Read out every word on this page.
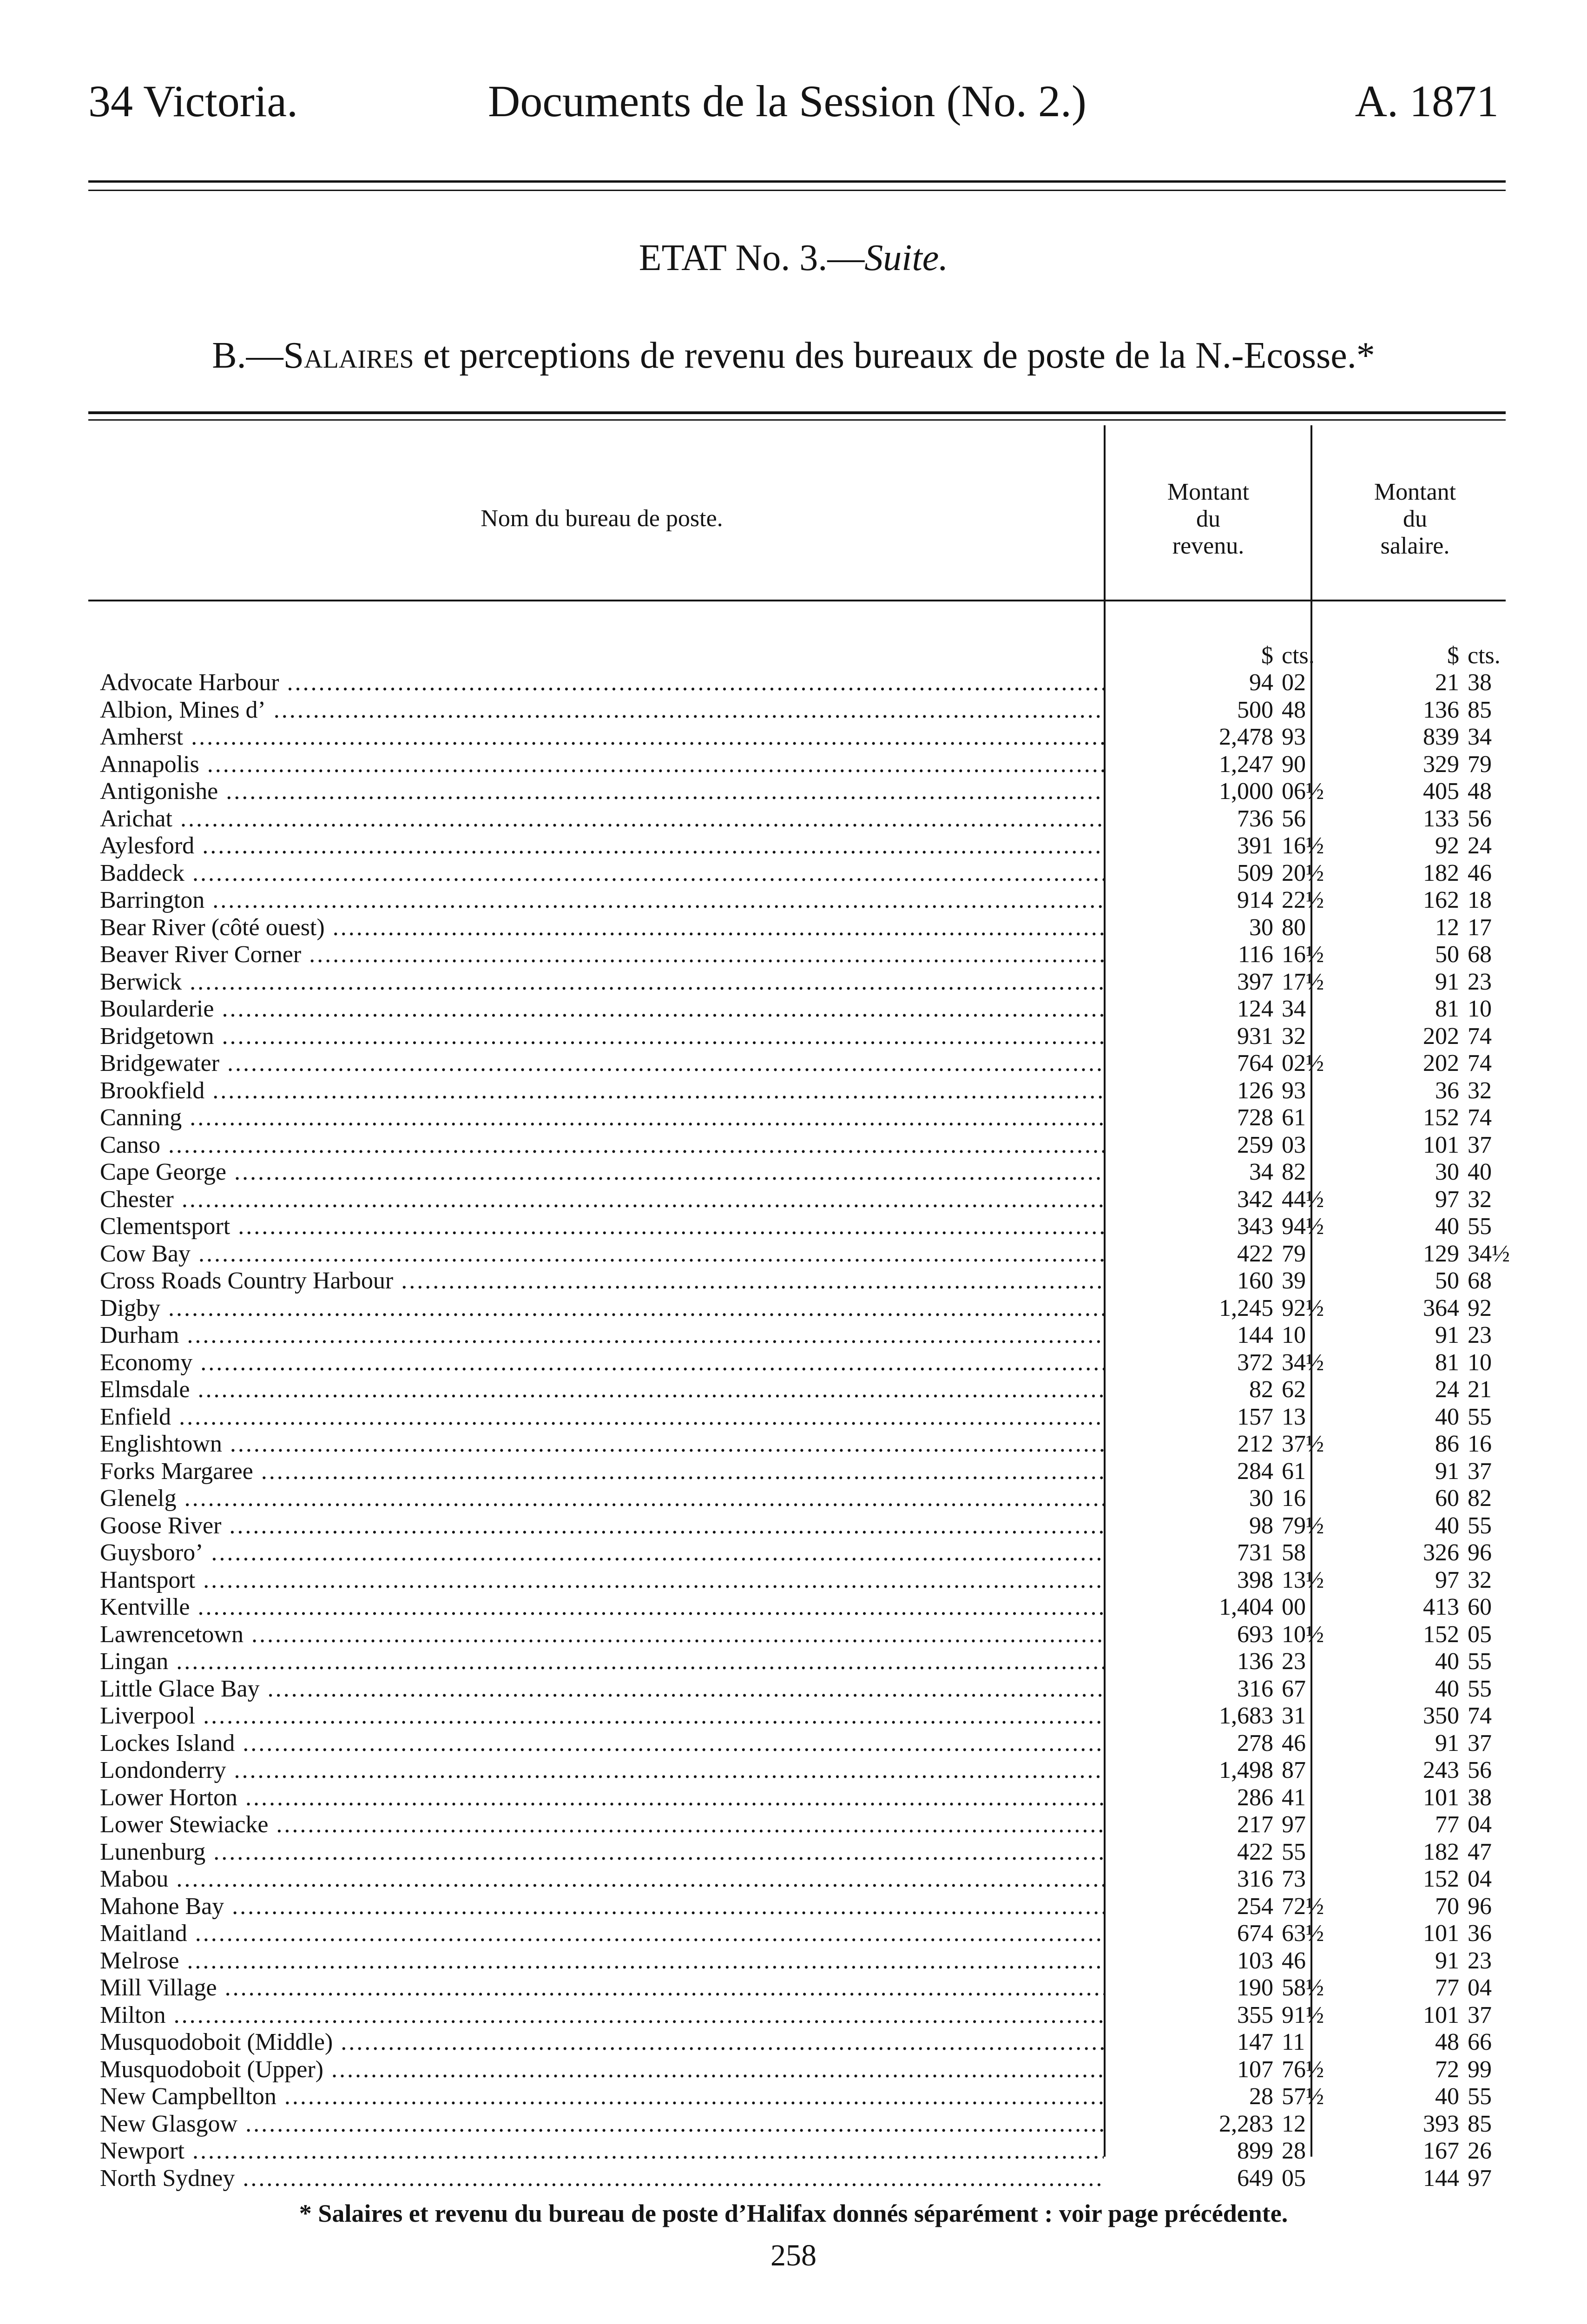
34 Victoria.	Documents de la Session (No. 2.)	A. 1871
ETAT No. 3.—Suite.
B.—Salaires et perceptions de revenu des bureaux de poste de la N.-Ecosse.*
Nom du bureau de poste.
Montant
du
revenu.
Montant
du
salaire.
$ cts.	$ cts.
Advocate Harbour .....	94 02	21 38
Albion, Mines d’ .....	500 48	136 85
Amherst .....	2,478 93	839 34
Annapolis .....	1,247 90	329 79
Antigonishe .....	1,000 06½	405 48
Arichat .....	736 56	133 56
Aylesford .....	391 16½	92 24
Baddeck .....	509 20½	182 46
Barrington .....	914 22½	162 18
Bear River (côté ouest) .....	30 80	12 17
Beaver River Corner .....	116 16½	50 68
Berwick .....	397 17½	91 23
Boularderie .....	124 34	81 10
Bridgetown .....	931 32	202 74
Bridgewater .....	764 02½	202 74
Brookfield .....	126 93	36 32
Canning .....	728 61	152 74
Canso .....	259 03	101 37
Cape George .....	34 82	30 40
Chester .....	342 44½	97 32
Clementsport .....	343 94½	40 55
Cow Bay .....	422 79	129 34½
Cross Roads Country Harbour .....	160 39	50 68
Digby .....	1,245 92½	364 92
Durham .....	144 10	91 23
Economy .....	372 34½	81 10
Elmsdale .....	82 62	24 21
Enfield .....	157 13	40 55
Englishtown .....	212 37½	86 16
Forks Margaree .....	284 61	91 37
Glenelg .....	30 16	60 82
Goose River .....	98 79½	40 55
Guysboro’ .....	731 58	326 96
Hantsport .....	398 13½	97 32
Kentville .....	1,404 00	413 60
Lawrencetown .....	693 10½	152 05
Lingan .....	136 23	40 55
Little Glace Bay .....	316 67	40 55
Liverpool .....	1,683 31	350 74
Lockes Island .....	278 46	91 37
Londonderry .....	1,498 87	243 56
Lower Horton .....	286 41	101 38
Lower Stewiacke .....	217 97	77 04
Lunenburg .....	422 55	182 47
Mabou .....	316 73	152 04
Mahone Bay .....	254 72½	70 96
Maitland .....	674 63½	101 36
Melrose .....	103 46	91 23
Mill Village .....	190 58½	77 04
Milton .....	355 91½	101 37
Musquodoboit (Middle) .....	147 11	48 66
Musquodoboit (Upper) .....	107 76½	72 99
New Campbellton .....	28 57½	40 55
New Glasgow .....	2,283 12	393 85
Newport .....	899 28	167 26
North Sydney .....	649 05	144 97
* Salaires et revenu du bureau de poste d’Halifax donnés séparément : voir page précédente.
258
